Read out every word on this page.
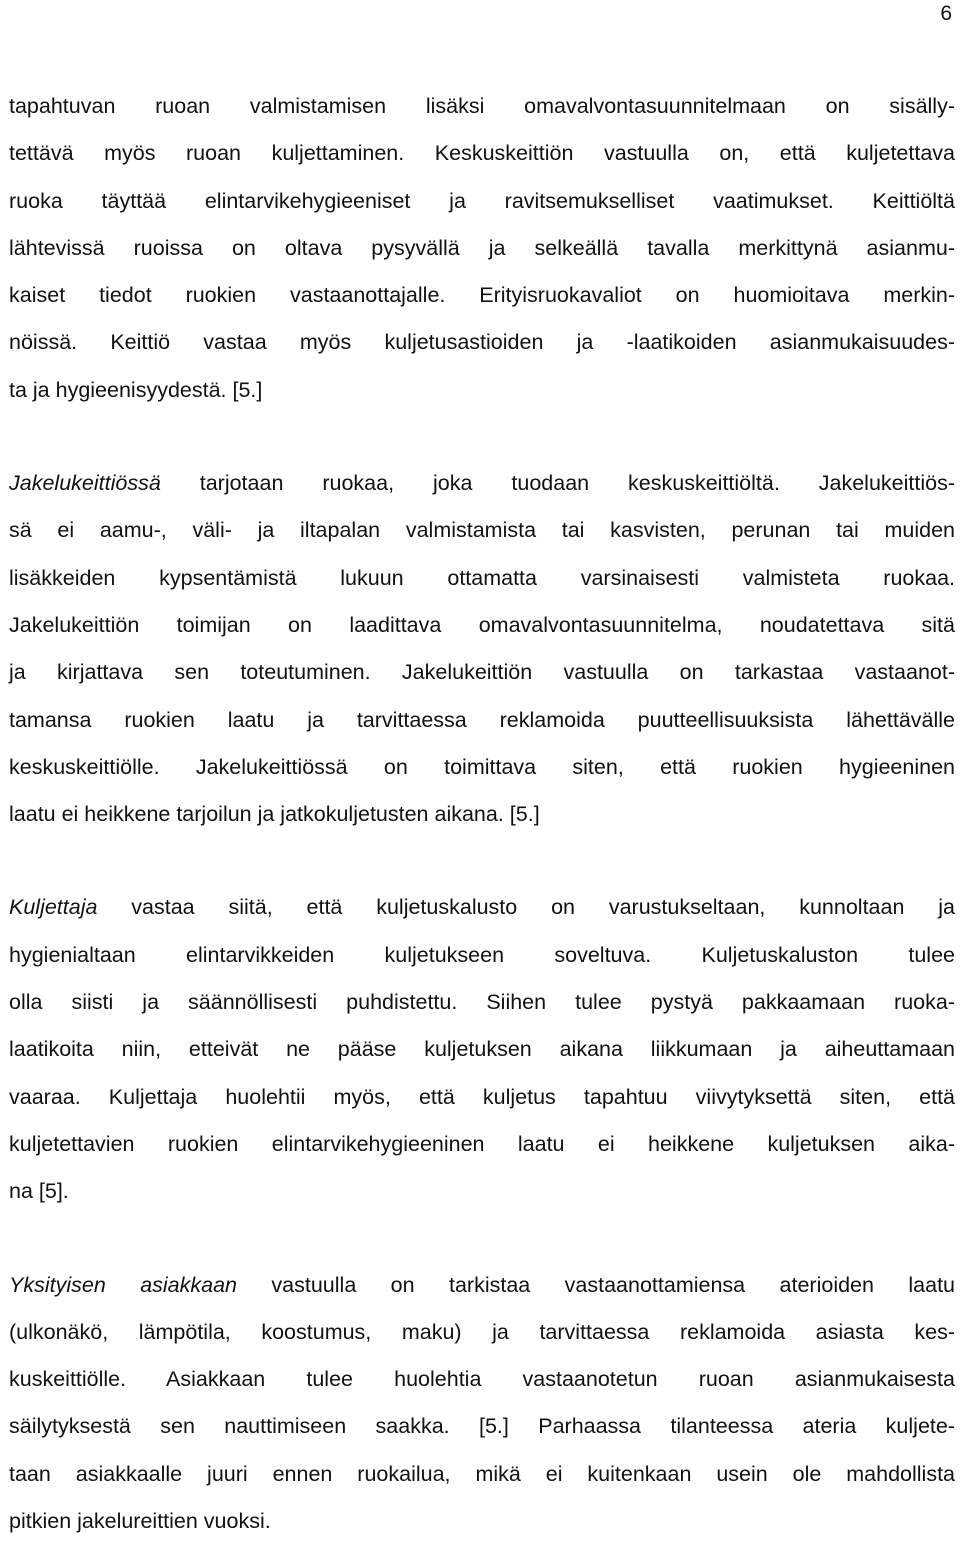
6

tapahtuvan ruoan valmistamisen lisäksi omavalvontasuunnitelmaan on sisälly-
tettävä myös ruoan kuljettaminen. Keskuskeittiön vastuulla on, että kuljetettava
ruoka täyttää elintarvikehygieeniset ja ravitsemukselliset vaatimukset. Keittiöltä
lähtevissä ruoissa on oltava pysyvällä ja selkeällä tavalla merkittynä asianmu-
kaiset tiedot ruokien vastaanottajalle. Erityisruokavaliot on huomioitava merkin-
nöissä. Keittiö vastaa myös kuljetusastioiden ja -laatikoiden asianmukaisuudes-
ta ja hygieenisyydestä. [5.]

Jakelukeittiössä tarjotaan ruokaa, joka tuodaan keskuskeittiöltä. Jakelukeittiös-
sä ei aamu-, väli- ja iltapalan valmistamista tai kasvisten, perunan tai muiden
lisäkkeiden kypsentämistä lukuun ottamatta varsinaisesti valmisteta ruokaa.
Jakelukeittiön toimijan on laadittava omavalvontasuunnitelma, noudatettava sitä
ja kirjattava sen toteutuminen. Jakelukeittiön vastuulla on tarkastaa vastaanot-
tamansa ruokien laatu ja tarvittaessa reklamoida puutteellisuuksista lähettävälle
keskuskeittiölle. Jakelukeittiössä on toimittava siten, että ruokien hygieeninen
laatu ei heikkene tarjoilun ja jatkokuljetusten aikana. [5.]

Kuljettaja vastaa siitä, että kuljetuskalusto on varustukseltaan, kunnoltaan ja
hygienialtaan elintarvikkeiden kuljetukseen soveltuva. Kuljetuskaluston tulee
olla siisti ja säännöllisesti puhdistettu. Siihen tulee pystyä pakkaamaan ruoka-
laatikoita niin, etteivät ne pääse kuljetuksen aikana liikkumaan ja aiheuttamaan
vaaraa. Kuljettaja huolehtii myös, että kuljetus tapahtuu viivytyksettä siten, että
kuljetettavien ruokien elintarvikehygieeninen laatu ei heikkene kuljetuksen aika-
na [5].

Yksityisen asiakkaan vastuulla on tarkistaa vastaanottamiensa aterioiden laatu
(ulkonäkö, lämpötila, koostumus, maku) ja tarvittaessa reklamoida asiasta kes-
kuskeittiölle. Asiakkaan tulee huolehtia vastaanotetun ruoan asianmukaisesta
säilytyksestä sen nauttimiseen saakka. [5.] Parhaassa tilanteessa ateria kuljete-
taan asiakkaalle juuri ennen ruokailua, mikä ei kuitenkaan usein ole mahdollista
pitkien jakelureittien vuoksi.
